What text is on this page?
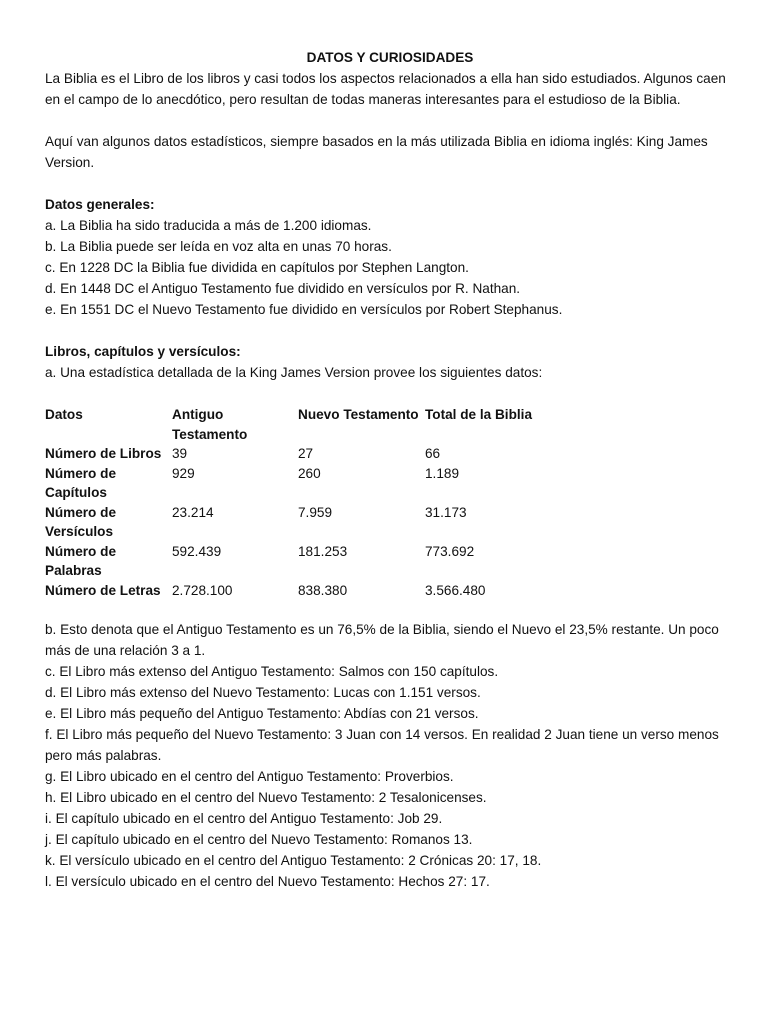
DATOS Y CURIOSIDADES

La Biblia es el Libro de los libros y casi todos los aspectos relacionados a ella han sido estudiados. Algunos caen en el campo de lo anecdótico, pero resultan de todas maneras interesantes para el estudioso de la Biblia.

Aquí van algunos datos estadísticos, siempre basados en la más utilizada Biblia en idioma inglés: King James Version.

Datos generales:

a. La Biblia ha sido traducida a más de 1.200 idiomas.

b. La Biblia puede ser leída en voz alta en unas 70 horas.

c. En 1228 DC la Biblia fue dividida en capítulos por Stephen Langton.

d. En 1448 DC el Antiguo Testamento fue dividido en versículos por R. Nathan.

e. En 1551 DC el Nuevo Testamento fue dividido en versículos por Robert Stephanus.

Libros, capítulos y versículos:

a. Una estadística detallada de la King James Version provee los siguientes datos:

Datos	Antiguo Testamento	Nuevo Testamento	Total de la Biblia
Número de Libros	39	27	66
Número de Capítulos	929	260	1.189
Número de Versículos	23.214	7.959	31.173
Número de Palabras	592.439	181.253	773.692
Número de Letras	2.728.100	838.380	3.566.480

b. Esto denota que el Antiguo Testamento es un 76,5% de la Biblia, siendo el Nuevo el 23,5% restante. Un poco más de una relación 3 a 1.

c. El Libro más extenso del Antiguo Testamento: Salmos con 150 capítulos.

d. El Libro más extenso del Nuevo Testamento: Lucas con 1.151 versos.

e. El Libro más pequeño del Antiguo Testamento: Abdías con 21 versos.

f. El Libro más pequeño del Nuevo Testamento: 3 Juan con 14 versos. En realidad 2 Juan tiene un verso menos pero más palabras.

g. El Libro ubicado en el centro del Antiguo Testamento: Proverbios.

h. El Libro ubicado en el centro del Nuevo Testamento: 2 Tesalonicenses.

i. El capítulo ubicado en el centro del Antiguo Testamento: Job 29.

j. El capítulo ubicado en el centro del Nuevo Testamento: Romanos 13.

k. El versículo ubicado en el centro del Antiguo Testamento: 2 Crónicas 20: 17, 18.

l. El versículo ubicado en el centro del Nuevo Testamento: Hechos 27: 17.
